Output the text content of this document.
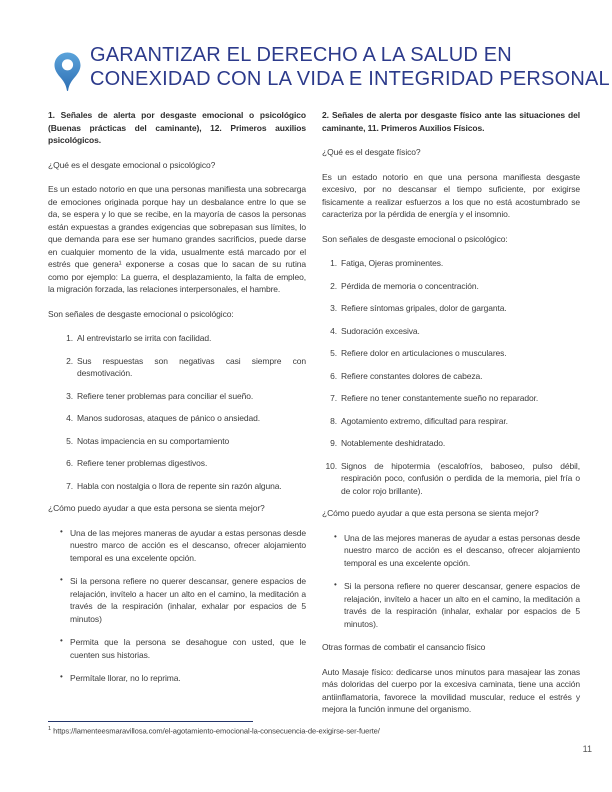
GARANTIZAR EL DERECHO A LA SALUD EN
CONEXIDAD CON LA VIDA E INTEGRIDAD PERSONAL

1. Señales de alerta por desgaste emocional o psicológico (Buenas prácticas del caminante), 12. Primeros auxilios psicológicos.

¿Qué es el desgate emocional o psicológico?

Es un estado notorio en que una personas manifiesta una sobrecarga de emociones originada porque hay un desbalance entre lo que se da, se espera y lo que se recibe, en la mayoría de casos la personas están expuestas a grandes exigencias que sobrepasan sus límites, lo que demanda para ese ser humano grandes sacrificios, puede darse en cualquier momento de la vida, usualmente está marcado por el estrés que genera¹ exponerse a cosas que lo sacan de su rutina como por ejemplo: La guerra, el desplazamiento, la falta de empleo, la migración forzada, las relaciones interpersonales, el hambre.

Son señales de desgaste emocional o psicológico:

1. Al entrevistarlo se irrita con facilidad.
2. Sus respuestas son negativas casi siempre con desmotivación.
3. Refiere tener problemas para conciliar el sueño.
4. Manos sudorosas, ataques de pánico o ansiedad.
5. Notas impaciencia en su comportamiento
6. Refiere tener problemas digestivos.
7. Habla con nostalgia o llora de repente sin razón alguna.

¿Cómo puedo ayudar a que esta persona se sienta mejor?

• Una de las mejores maneras de ayudar a estas personas desde nuestro marco de acción es el descanso, ofrecer alojamiento temporal es una excelente opción.
• Si la persona refiere no querer descansar, genere espacios de relajación, invítelo a hacer un alto en el camino, la meditación a través de la respiración (inhalar, exhalar por espacios de 5 minutos)
• Permita que la persona se desahogue con usted, que le cuenten sus historias.
• Permítale llorar, no lo reprima.

2. Señales de alerta por desgaste físico ante las situaciones del caminante, 11. Primeros Auxilios Físicos.

¿Qué es el desgate físico?

Es un estado notorio en que una persona manifiesta desgaste excesivo, por no descansar el tiempo suficiente, por exigirse fisicamente a realizar esfuerzos a los que no está acostumbrado se caracteriza por la pérdida de energía y el insomnio.

Son señales de desgaste emocional o psicológico:

1. Fatiga, Ojeras prominentes.
2. Pérdida de memoria o concentración.
3. Refiere síntomas gripales, dolor de garganta.
4. Sudoración excesiva.
5. Refiere dolor en articulaciones o musculares.
6. Refiere constantes dolores de cabeza.
7. Refiere no tener constantemente sueño no reparador.
8. Agotamiento extremo, dificultad para respirar.
9. Notablemente deshidratado.
10. Signos de hipotermia (escalofríos, baboseo, pulso débil, respiración poco, confusión o perdida de la memoria, piel fría o de color rojo brillante).

¿Cómo puedo ayudar a que esta persona se sienta mejor?

• Una de las mejores maneras de ayudar a estas personas desde nuestro marco de acción es el descanso, ofrecer alojamiento temporal es una excelente opción.
• Si la persona refiere no querer descansar, genere espacios de relajación, invítelo a hacer un alto en el camino, la meditación a través de la respiración (inhalar, exhalar por espacios de 5 minutos).

Otras formas de combatir el cansancio físico

Auto Masaje físico: dedicarse unos minutos para masajear las zonas más doloridas del cuerpo por la excesiva caminata, tiene una acción antiinflamatoria, favorece la movilidad muscular, reduce el estrés y mejora la función inmune del organismo.

$^1$ https://lamenteesmaravillosa.com/el-agotamiento-emocional-la-consecuencia-de-exigirse-ser-fuerte/
11
